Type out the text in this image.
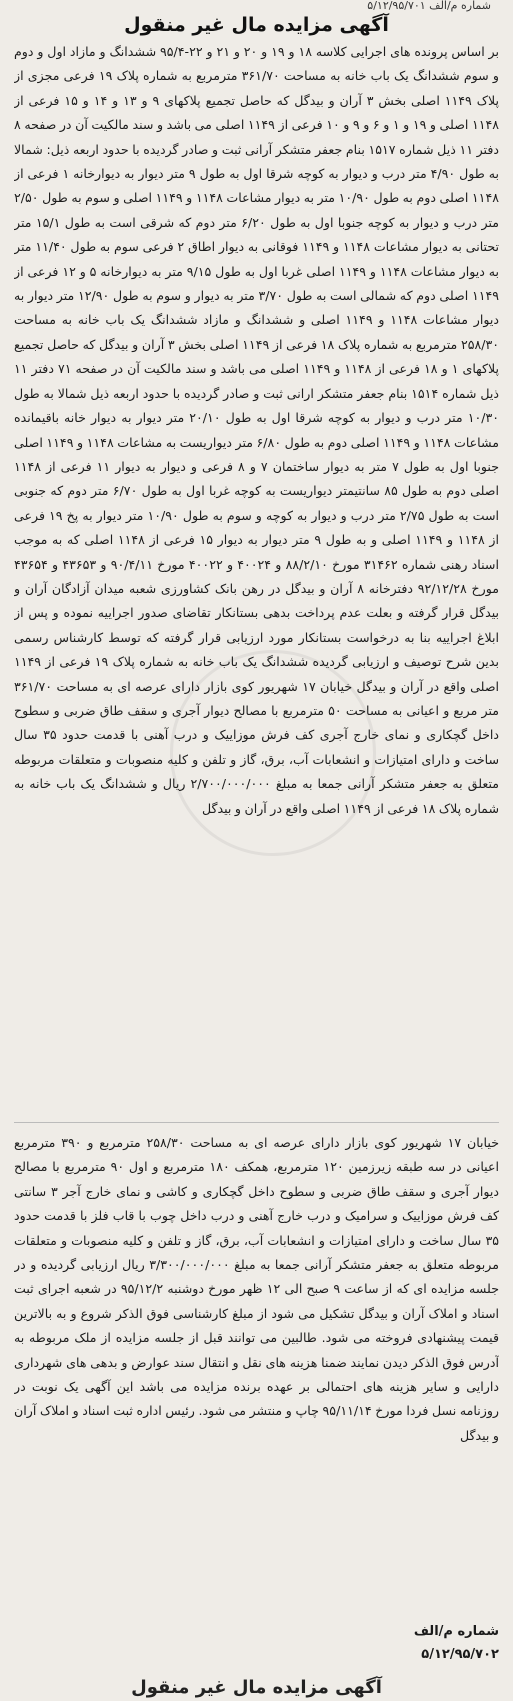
شماره م/الف ۵/۱۲/۹۵/۷۰۱
آگهی مزایده مال غیر منقول
بر اساس پرونده های اجرایی کلاسه ۱۸ و ۱۹ و ۲۰ و ۲۱ و ۲۲-۹۵/۴ ششدانگ و مازاد اول و دوم و سوم ششدانگ یک باب خانه به مساحت ۳۶۱/۷۰ مترمربع به شماره پلاک ۱۹ فرعی مجزی از پلاک ۱۱۴۹ اصلی بخش ۳ آران و بیدگل که حاصل تجمیع پلاکهای ۹ و ۱۳ و ۱۴ و ۱۵ فرعی از ۱۱۴۸ اصلی و ۱۹ و ۱ و ۶ و ۹ و ۱۰ فرعی از ۱۱۴۹ اصلی می باشد و سند مالکیت آن در صفحه ۸ دفتر ۱۱ ذیل شماره ۱۵۱۷ بنام جعفر متشکر آرانی ثبت و صادر گردیده با حدود اربعه ذیل: شمالا به طول ۴/۹۰ متر درب و دیوار به کوچه شرقا اول به طول ۹ متر دیوار به دیوارخانه ۱ فرعی از ۱۱۴۸ اصلی دوم به طول ۱۰/۹۰ متر به دیوار مشاعات ۱۱۴۸ و ۱۱۴۹ اصلی و سوم به طول ۲/۵۰ متر درب و دیوار به کوچه جنوبا اول به طول ۶/۲۰ متر دوم که شرقی است به طول ۱۵/۱ متر تحتانی به دیوار مشاعات ۱۱۴۸ و ۱۱۴۹ فوقانی به دیوار اطاق ۲ فرعی سوم به طول ۱۱/۴۰ متر به دیوار مشاعات ۱۱۴۸ و ۱۱۴۹ اصلی غربا اول به طول ۹/۱۵ متر به دیوارخانه ۵ و ۱۲ فرعی از ۱۱۴۹ اصلی دوم که شمالی است به طول ۳/۷۰ متر به دیوار و سوم به طول ۱۲/۹۰ متر دیوار به دیوار مشاعات ۱۱۴۸ و ۱۱۴۹ اصلی و ششدانگ و مازاد ششدانگ یک باب خانه به مساحت ۲۵۸/۳۰ مترمربع به شماره پلاک ۱۸ فرعی از ۱۱۴۹ اصلی بخش ۳ آران و بیدگل که حاصل تجمیع پلاکهای ۱ و ۱۸ فرعی از ۱۱۴۸ و ۱۱۴۹ اصلی می باشد و سند مالکیت آن در صفحه ۷۱ دفتر ۱۱ ذیل شماره ۱۵۱۴ بنام جعفر متشکر ارانی ثبت و صادر گردیده با حدود اربعه ذیل شمالا به طول ۱۰/۳۰ متر درب و دیوار به کوچه شرقا اول به طول ۲۰/۱۰ متر دیوار به دیوار خانه باقیمانده مشاعات ۱۱۴۸ و ۱۱۴۹ اصلی دوم به طول ۶/۸۰ متر دیواریست به مشاعات ۱۱۴۸ و ۱۱۴۹ اصلی جنوبا اول به طول ۷ متر به دیوار ساختمان ۷ و ۸ فرعی و دیوار به دیوار ۱۱ فرعی از ۱۱۴۸ اصلی دوم به طول ۸۵ سانتیمتر دیواریست به کوچه غربا اول به طول ۶/۷۰ متر دوم که جنوبی است به طول ۲/۷۵ متر درب و دیوار به کوچه و سوم به طول ۱۰/۹۰ متر دیوار به پخ ۱۹ فرعی از ۱۱۴۸ و ۱۱۴۹ اصلی و به طول ۹ متر دیوار به دیوار ۱۵ فرعی از ۱۱۴۸ اصلی که به موجب اسناد رهنی شماره ۳۱۴۶۲ مورخ ۸۸/۲/۱۰ و ۴۰۰۲۴ و ۴۰۰۲۲ مورخ ۹۰/۴/۱۱ و ۴۳۶۵۳ و ۴۳۶۵۴ مورخ ۹۲/۱۲/۲۸ دفترخانه ۸ آران و بیدگل در رهن بانک کشاورزی شعبه میدان آزادگان آران و بیدگل قرار گرفته و بعلت عدم پرداخت بدهی بستانکار تقاضای صدور اجراییه نموده و پس از ابلاغ اجراییه بنا به درخواست بستانکار مورد ارزیابی قرار گرفته که توسط کارشناس رسمی بدین شرح توصیف و ارزیابی گردیده ششدانگ یک باب خانه به شماره پلاک ۱۹ فرعی از ۱۱۴۹ اصلی واقع در آران و بیدگل خیابان ۱۷ شهریور کوی بازار دارای عرصه ای به مساحت ۳۶۱/۷۰ متر مربع و اعیانی به مساحت ۵۰ مترمربع با مصالح دیوار آجری و سقف طاق ضربی و سطوح داخل گچکاری و نمای خارج آجری کف فرش موزاییک و درب آهنی با قدمت حدود ۳۵ سال ساخت و دارای امتیازات و انشعابات آب، برق، گاز و تلفن و کلیه منصوبات و متعلقات مربوطه متعلق به جعفر متشکر آرانی جمعا به مبلغ ۲/۷۰۰/۰۰۰/۰۰۰ ریال و ششدانگ یک باب خانه به شماره پلاک ۱۸ فرعی از ۱۱۴۹ اصلی واقع در آران و بیدگل
خیابان ۱۷ شهریور کوی بازار دارای عرصه ای به مساحت ۲۵۸/۳۰ مترمربع و ۳۹۰ مترمربع اعیانی در سه طبقه زیرزمین ۱۲۰ مترمربع، همکف ۱۸۰ مترمربع و اول ۹۰ مترمربع با مصالح دیوار آجری و سقف طاق ضربی و سطوح داخل گچکاری و کاشی و نمای خارج آجر ۳ سانتی کف فرش موزاییک و سرامیک و درب خارج آهنی و درب داخل چوب با قاب فلز با قدمت حدود ۳۵ سال ساخت و دارای امتیازات و انشعابات آب، برق، گاز و تلفن و کلیه منصوبات و متعلقات مربوطه متعلق به جعفر متشکر آرانی جمعا به مبلغ ۳/۳۰۰/۰۰۰/۰۰۰ ریال ارزیابی گردیده و در جلسه مزایده ای که از ساعت ۹ صبح الی ۱۲ ظهر مورخ دوشنبه ۹۵/۱۲/۲ در شعبه اجرای ثبت اسناد و املاک آران و بیدگل تشکیل می شود از مبلغ کارشناسی فوق الذکر شروع و به بالاترین قیمت پیشنهادی فروخته می شود. طالبین می توانند قبل از جلسه مزایده از ملک مربوطه به آدرس فوق الذکر دیدن نمایند ضمنا هزینه های نقل و انتقال سند عوارض و بدهی های شهرداری دارایی و سایر هزینه های احتمالی بر عهده برنده مزایده می باشد این آگهی یک نوبت در روزنامه نسل فردا مورخ ۹۵/۱۱/۱۴ چاپ و منتشر می شود. رئیس اداره ثبت اسناد و املاک آران و بیدگل
شماره م/الف
۵/۱۲/۹۵/۷۰۲
آگهی مزایده مال غیر منقول
